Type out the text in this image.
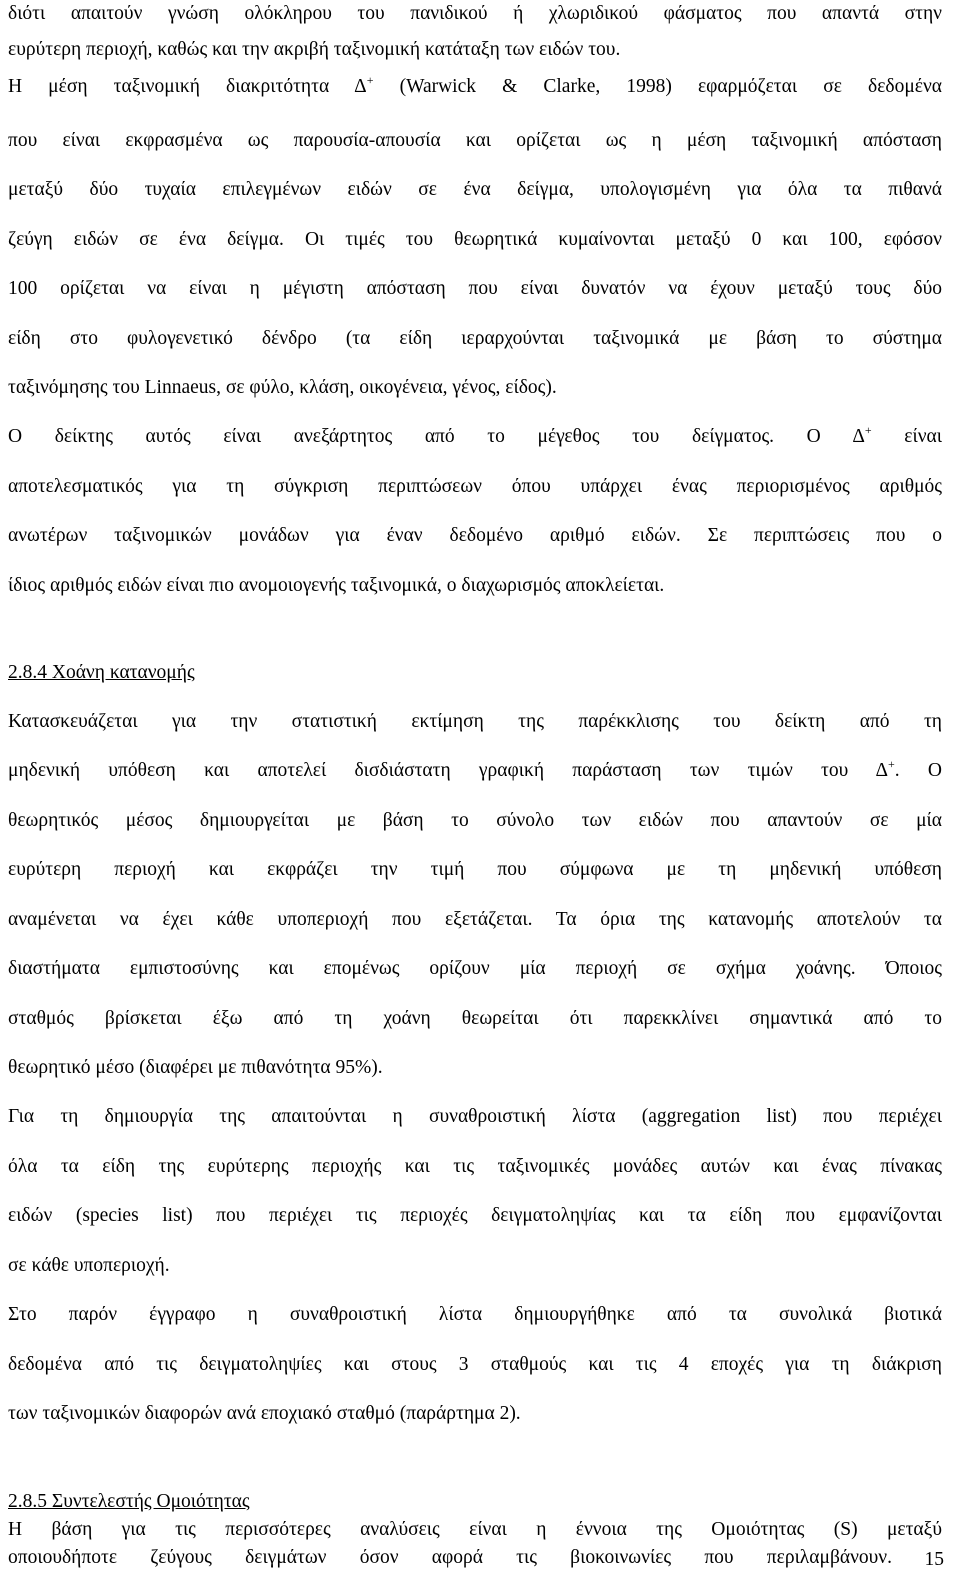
διότι απαιτούν γνώση ολόκληρου του πανιδικού ή χλωριδικού φάσματος που απαντά στην
ευρύτερη περιοχή, καθώς και την ακριβή ταξινομική κατάταξη των ειδών του.
Η μέση ταξινομική διακριτότητα Δ+ (Warwick & Clarke, 1998) εφαρμόζεται σε δεδομένα
που είναι εκφρασμένα ως παρουσία-απουσία και ορίζεται ως η μέση ταξινομική απόσταση
μεταξύ δύο τυχαία επιλεγμένων ειδών σε ένα δείγμα, υπολογισμένη για όλα τα πιθανά
ζεύγη ειδών σε ένα δείγμα. Οι τιμές του θεωρητικά κυμαίνονται μεταξύ 0 και 100, εφόσον
100 ορίζεται να είναι η μέγιστη απόσταση που είναι δυνατόν να έχουν μεταξύ τους δύο
είδη στο φυλογενετικό δένδρο (τα είδη ιεραρχούνται ταξινομικά με βάση το σύστημα
ταξινόμησης του Linnaeus, σε φύλο, κλάση, οικογένεια, γένος, είδος).
Ο δείκτης αυτός είναι ανεξάρτητος από το μέγεθος του δείγματος. Ο Δ+ είναι
αποτελεσματικός για τη σύγκριση περιπτώσεων όπου υπάρχει ένας περιορισμένος αριθμός
ανωτέρων ταξινομικών μονάδων για έναν δεδομένο αριθμό ειδών. Σε περιπτώσεις που ο
ίδιος αριθμός ειδών είναι πιο ανομοιογενής ταξινομικά, ο διαχωρισμός αποκλείεται.
2.8.4 Χοάνη κατανομής
Κατασκευάζεται για την στατιστική εκτίμηση της παρέκκλισης του δείκτη από τη
μηδενική υπόθεση και αποτελεί δισδιάστατη γραφική παράσταση των τιμών του Δ+. Ο
θεωρητικός μέσος δημιουργείται με βάση το σύνολο των ειδών που απαντούν σε μία
ευρύτερη περιοχή και εκφράζει την τιμή που σύμφωνα με τη μηδενική υπόθεση
αναμένεται να έχει κάθε υποπεριοχή που εξετάζεται. Τα όρια της κατανομής αποτελούν τα
διαστήματα εμπιστοσύνης και επομένως ορίζουν μία περιοχή σε σχήμα χοάνης. Όποιος
σταθμός βρίσκεται έξω από τη χοάνη θεωρείται ότι παρεκκλίνει σημαντικά από το
θεωρητικό μέσο (διαφέρει με πιθανότητα 95%).
Για τη δημιουργία της απαιτούνται η συναθροιστική λίστα (aggregation list) που περιέχει
όλα τα είδη της ευρύτερης περιοχής και τις ταξινομικές μονάδες αυτών και ένας πίνακας
ειδών (species list) που περιέχει τις περιοχές δειγματοληψίας και τα είδη που εμφανίζονται
σε κάθε υποπεριοχή.
Στο παρόν έγγραφο η συναθροιστική λίστα δημιουργήθηκε από τα συνολικά βιοτικά
δεδομένα από τις δειγματοληψίες και στους 3 σταθμούς και τις 4 εποχές για τη διάκριση
των ταξινομικών διαφορών ανά εποχιακό σταθμό (παράρτημα 2).
2.8.5 Συντελεστής Ομοιότητας
Η βάση για τις περισσότερες αναλύσεις είναι η έννοια της Ομοιότητας (S) μεταξύ
οποιουδήποτε ζεύγους δειγμάτων όσον αφορά τις βιοκοινωνίες που περιλαμβάνουν. 15
